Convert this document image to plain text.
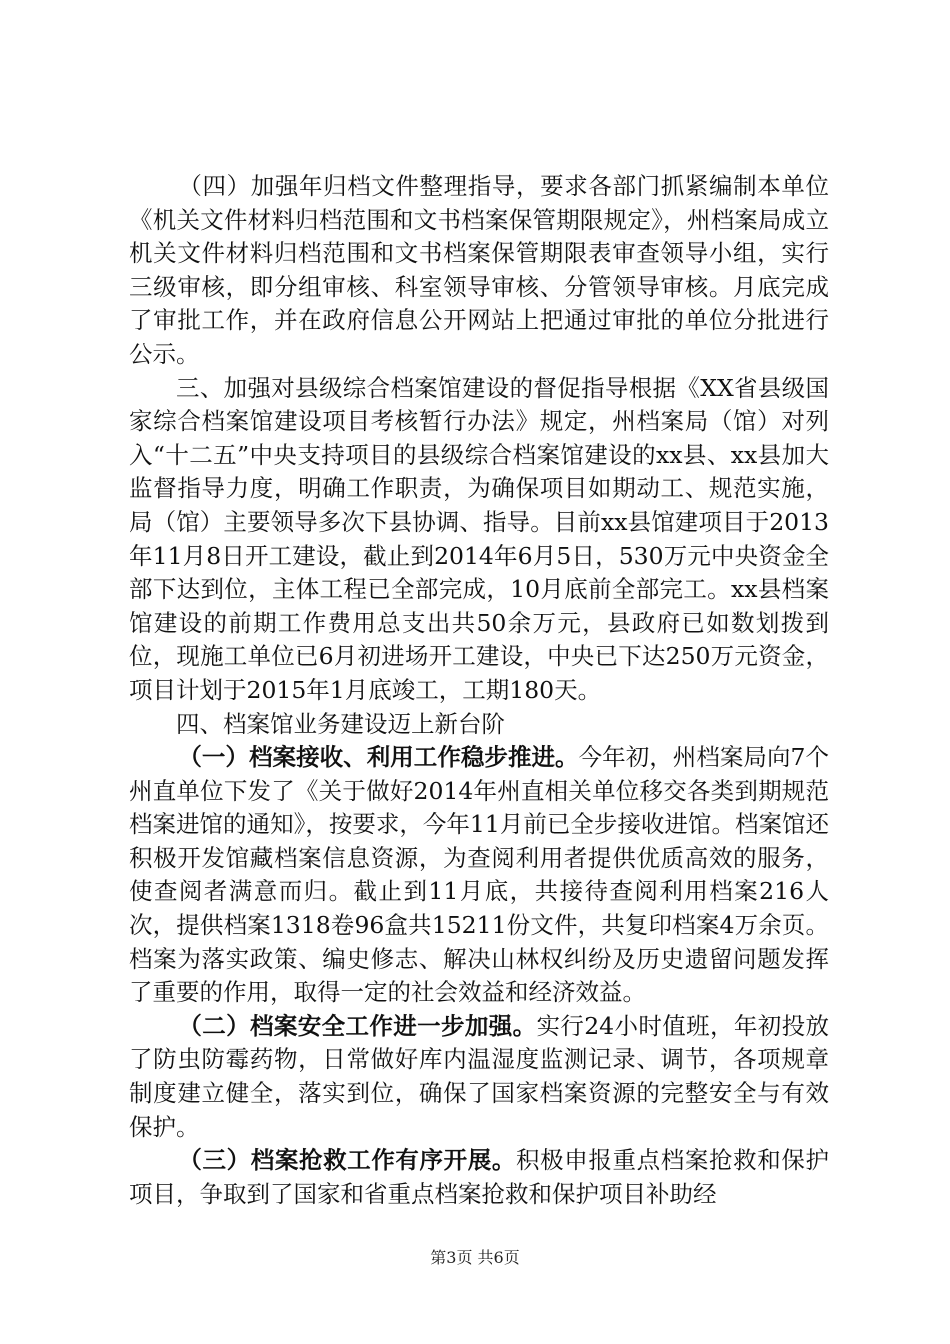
（四）加强年归档文件整理指导，要求各部门抓紧编制本单位《机关文件材料归档范围和文书档案保管期限规定》，州档案局成立机关文件材料归档范围和文书档案保管期限表审查领导小组，实行三级审核，即分组审核、科室领导审核、分管领导审核。月底完成了审批工作，并在政府信息公开网站上把通过审批的单位分批进行公示。

三、加强对县级综合档案馆建设的督促指导根据《XX省县级国家综合档案馆建设项目考核暂行办法》规定，州档案局（馆）对列入“十二五”中央支持项目的县级综合档案馆建设的xx县、xx县加大监督指导力度，明确工作职责，为确保项目如期动工、规范实施，局（馆）主要领导多次下县协调、指导。目前xx县馆建项目于2013年11月8日开工建设，截止到2014年6月5日，530万元中央资金全部下达到位，主体工程已全部完成，10月底前全部完工。xx县档案馆建设的前期工作费用总支出共50余万元，县政府已如数划拨到位，现施工单位已6月初进场开工建设，中央已下达250万元资金，项目计划于2015年1月底竣工，工期180天。

四、档案馆业务建设迈上新台阶

（一）档案接收、利用工作稳步推进。今年初，州档案局向7个州直单位下发了《关于做好2014年州直相关单位移交各类到期规范档案进馆的通知》，按要求，今年11月前已全步接收进馆。档案馆还积极开发馆藏档案信息资源，为查阅利用者提供优质高效的服务，使查阅者满意而归。截止到11月底，共接待查阅利用档案216人次，提供档案1318卷96盒共15211份文件，共复印档案4万余页。档案为落实政策、编史修志、解决山林权纠纷及历史遗留问题发挥了重要的作用，取得一定的社会效益和经济效益。

（二）档案安全工作进一步加强。实行24小时值班，年初投放了防虫防霉药物，日常做好库内温湿度监测记录、调节，各项规章制度建立健全，落实到位，确保了国家档案资源的完整安全与有效保护。

（三）档案抢救工作有序开展。积极申报重点档案抢救和保护项目，争取到了国家和省重点档案抢救和保护项目补助经

第3页 共6页
